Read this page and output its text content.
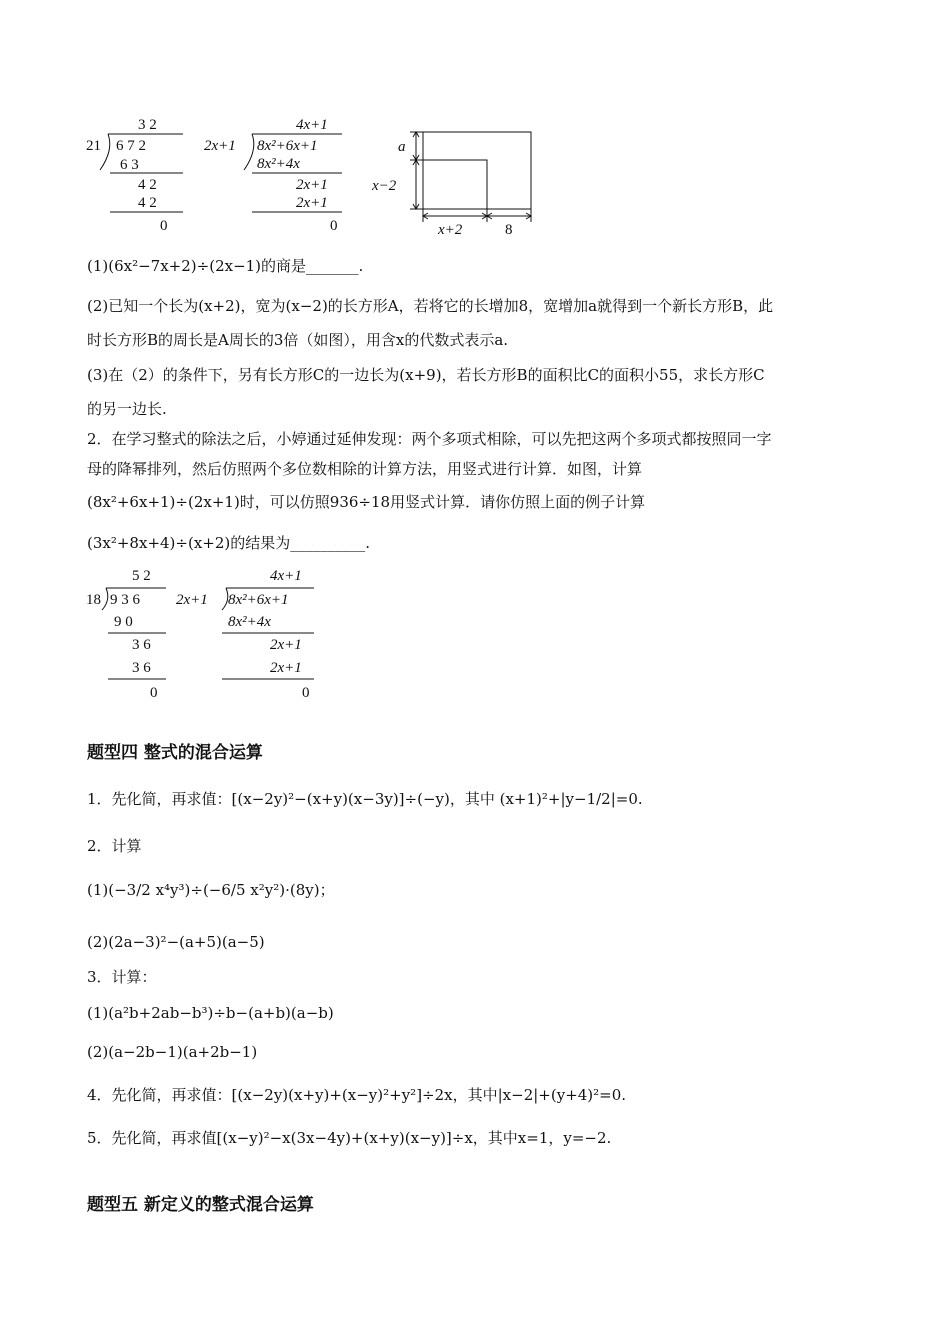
21
3 2
6 7 2
6 3
4 2
4 2
0
2x+1
4x+1
8x²+6x+1
8x²+4x
2x+1
2x+1
0
a
x−2
x+2	8
(1)(6x²−7x+2)÷(2x−1)的商是_______.
(2)已知一个长为(x+2)，宽为(x−2)的长方形A，若将它的长增加8，宽增加a就得到一个新长方形B，此
时长方形B的周长是A周长的3倍（如图），用含x的代数式表示a.
(3)在（2）的条件下，另有长方形C的一边长为(x+9)，若长方形B的面积比C的面积小55，求长方形C
的另一边长.
2．在学习整式的除法之后，小婷通过延伸发现：两个多项式相除，可以先把这两个多项式都按照同一字
母的降幂排列，然后仿照两个多位数相除的计算方法，用竖式进行计算．如图，计算
(8x²+6x+1)÷(2x+1)时，可以仿照936÷18用竖式计算．请你仿照上面的例子计算
(3x²+8x+4)÷(x+2)的结果为__________.
18
5 2
9 3 6
9 0
3 6
3 6
0
2x+1
4x+1
8x²+6x+1
8x²+4x
2x+1
2x+1
0
题型四 整式的混合运算
1．先化简，再求值：[(x−2y)²−(x+y)(x−3y)]÷(−y)，其中 (x+1)²+|y−1/2|=0.
2．计算
(1)(−3/2 x⁴y³)÷(−6/5 x²y²)·(8y)；
(2)(2a−3)²−(a+5)(a−5)
3．计算：
(1)(a²b+2ab−b³)÷b−(a+b)(a−b)
(2)(a−2b−1)(a+2b−1)
4．先化简，再求值：[(x−2y)(x+y)+(x−y)²+y²]÷2x，其中|x−2|+(y+4)²=0.
5．先化简，再求值[(x−y)²−x(3x−4y)+(x+y)(x−y)]÷x，其中x=1，y=−2.
题型五 新定义的整式混合运算
